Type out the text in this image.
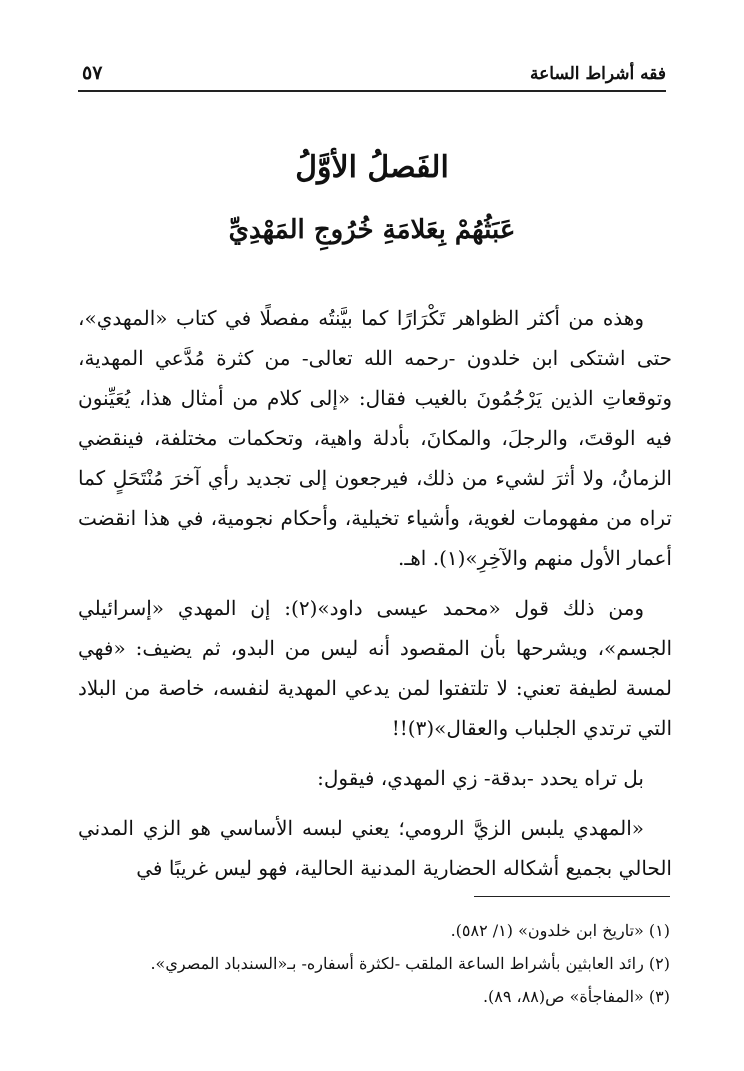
فقه أشراط الساعة
٥٧
الفَصلُ الأوَّلُ
عَبَثُهُمْ بِعَلامَةِ خُرُوجِ المَهْدِيِّ

وهذه من أكثر الظواهر تَكْرَارًا كما بيَّنتُه مفصلًا في كتاب «المهدي»، حتى اشتكى ابن خلدون -رحمه الله تعالى- من كثرة مُدَّعي المهدية، وتوقعاتِ الذين يَرْجُمُونَ بالغيب فقال: «إلى كلام من أمثال هذا، يُعَيِّنون فيه الوقتَ، والرجلَ، والمكانَ، بأدلة واهية، وتحكمات مختلفة، فينقضي الزمانُ، ولا أثرَ لشيء من ذلك، فيرجعون إلى تجديد رأي آخرَ مُنْتَحَلٍ كما تراه من مفهومات لغوية، وأشياء تخيلية، وأحكام نجومية، في هذا انقضت أعمار الأول منهم والآخِرِ»(١). اهـ.

ومن ذلك قول «محمد عيسى داود»(٢): إن المهدي «إسرائيلي الجسم»، ويشرحها بأن المقصود أنه ليس من البدو، ثم يضيف: «فهي لمسة لطيفة تعني: لا تلتفتوا لمن يدعي المهدية لنفسه، خاصة من البلاد التي ترتدي الجلباب والعقال»(٣)!!

بل تراه يحدد -بدقة- زي المهدي، فيقول:

«المهدي يلبس الزيَّ الرومي؛ يعني لبسه الأساسي هو الزي المدني الحالي بجميع أشكاله الحضارية المدنية الحالية، فهو ليس غريبًا في

(١) «تاريخ ابن خلدون» (١/ ٥٨٢).
(٢) رائد العابثين بأشراط الساعة الملقب -لكثرة أسفاره- بـ«السندباد المصري».
(٣) «المفاجأة» ص(٨٨، ٨٩).
